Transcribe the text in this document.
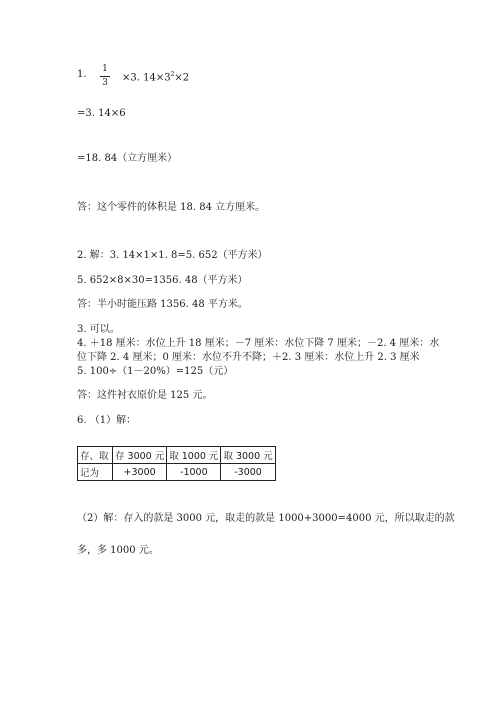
1. 1
3 ×3. $14\times 3^2\times 2$
=3. 14×6
=18. 84（立方厘米）
答：这个零件的体积是 18. 84 立方厘米。
2. 解：3. 14×1×1. 8=5. 652（平方米）
5. 652×8×30=1356. 48（平方米）
答：半小时能压路 1356. 48 平方米。
3. 可以。
4. ＋18 厘米：水位上升 18 厘米；－7 厘米：水位下降 7 厘米；－2. 4 厘米：水
位下降 2. 4 厘米；0 厘米：水位不升不降；＋2. 3 厘米：水位上升 2. 3 厘米
5. 100÷（1－20%）=125（元）
答：这件衬衣原价是 125 元。
6. （1）解：
存、取	存 3000 元	取 1000 元	取 3000 元
记为	+3000	-1000	-3000
（2）解：存入的款是 3000 元，取走的款是 1000+3000=4000 元，所以取走的款
多，多 1000 元。
